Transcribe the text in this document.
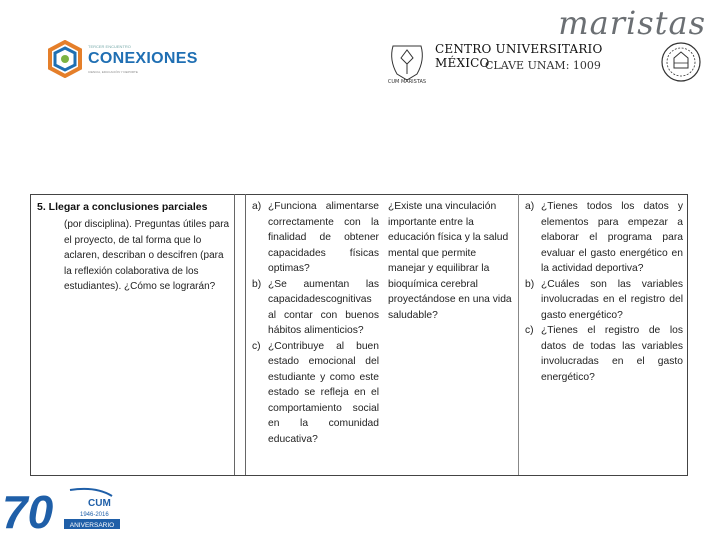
maristas
TERCER ENCUENTRO
CONEXIONES
CIENCIA, EDUCACIÓN Y DEPORTE
CUM MARISTAS
CENTRO UNIVERSITARIO MÉXICO
CLAVE UNAM: 1009
5. Llegar a conclusiones parciales
(por disciplina). Preguntas útiles para el proyecto, de tal forma que lo aclaren, describan o descifren (para la reflexión colaborativa de los estudiantes). ¿Cómo se lograrán?
a) ¿Funciona alimentarse correctamente con la finalidad de obtener capacidades físicas optimas?
b) ¿Se aumentan las capacidadescognitivas al contar con buenos hábitos alimenticios?
c) ¿Contribuye al buen estado emocional del estudiante y como este estado se refleja en el comportamiento social en la comunidad educativa?
¿Existe una vinculación importante entre la educación física y la salud mental que permite manejar y equilibrar la bioquímica cerebral proyectándose en una vida saludable?
a) ¿Tienes todos los datos y elementos para empezar a elaborar el programa para evaluar el gasto energético en la actividad deportiva?
b) ¿Cuáles son las variables involucradas en el registro del gasto energético?
c) ¿Tienes el registro de los datos de todas las variables involucradas en el gasto energético?
70	CUM
1946-2016
ANIVERSARIO
